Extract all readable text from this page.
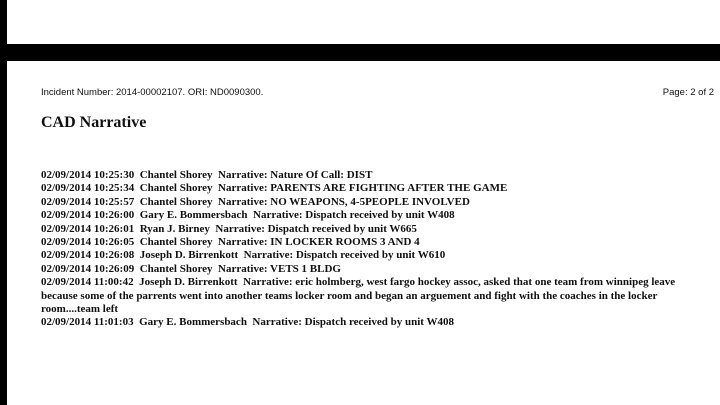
Incident Number: 2014-00002107. ORI: ND0090300.	Page: 2 of 2
CAD Narrative
02/09/2014 10:25:30  Chantel Shorey  Narrative: Nature Of Call: DIST
02/09/2014 10:25:34  Chantel Shorey  Narrative: PARENTS ARE FIGHTING AFTER THE GAME
02/09/2014 10:25:57  Chantel Shorey  Narrative: NO WEAPONS, 4-5PEOPLE INVOLVED
02/09/2014 10:26:00  Gary E. Bommersbach  Narrative: Dispatch received by unit W408
02/09/2014 10:26:01  Ryan J. Birney  Narrative: Dispatch received by unit W665
02/09/2014 10:26:05  Chantel Shorey  Narrative: IN LOCKER ROOMS 3 AND 4
02/09/2014 10:26:08  Joseph D. Birrenkott  Narrative: Dispatch received by unit W610
02/09/2014 10:26:09  Chantel Shorey  Narrative: VETS 1 BLDG
02/09/2014 11:00:42  Joseph D. Birrenkott  Narrative: eric holmberg, west fargo hockey assoc, asked that one team from winnipeg leave because some of the parrents went into another teams locker room and began an arguement and fight with the coaches in the locker room....team left
02/09/2014 11:01:03  Gary E. Bommersbach  Narrative: Dispatch received by unit W408
